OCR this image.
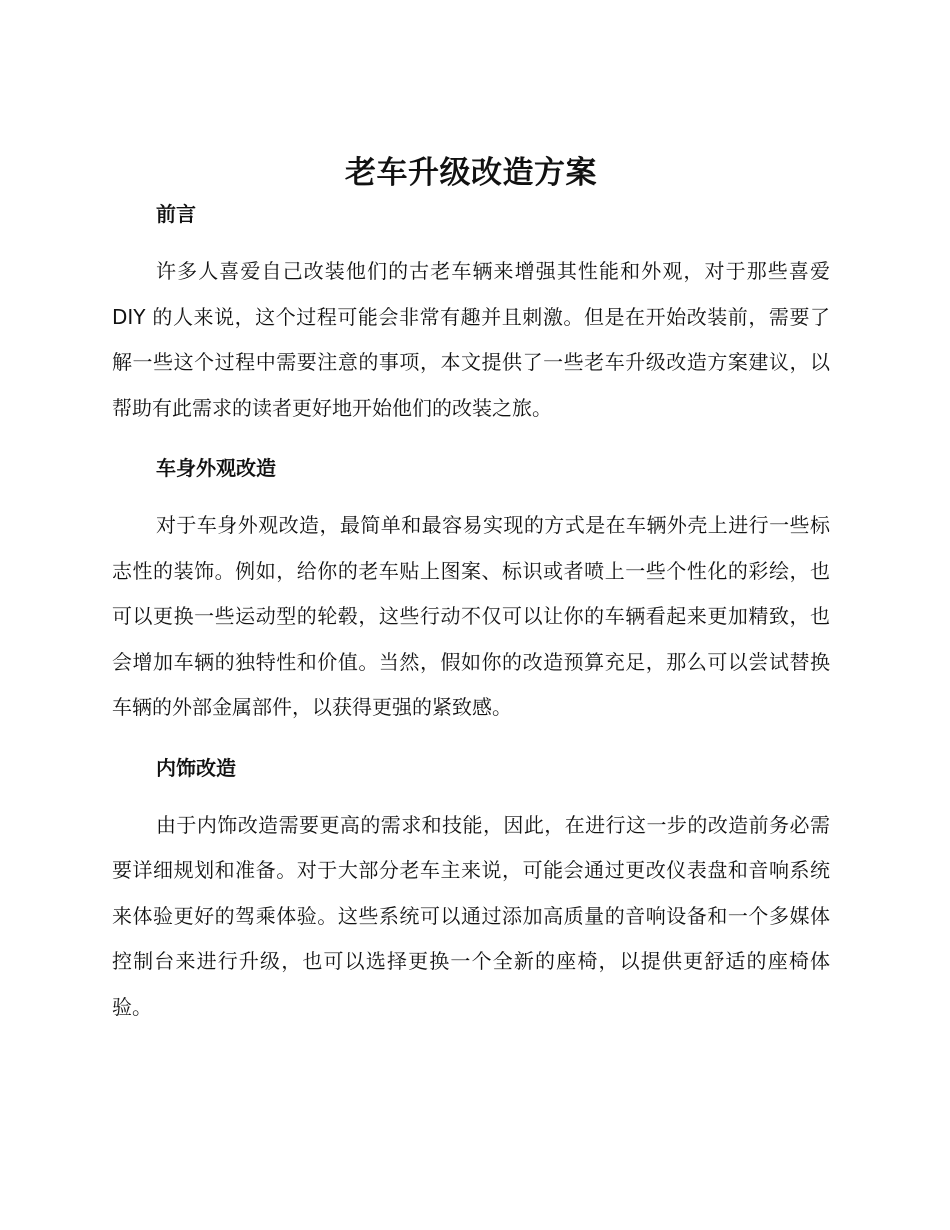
老车升级改造方案
前言

许多人喜爱自己改装他们的古老车辆来增强其性能和外观，对于那些喜爱 DIY 的人来说，这个过程可能会非常有趣并且刺激。但是在开始改装前，需要了解一些这个过程中需要注意的事项，本文提供了一些老车升级改造方案建议，以帮助有此需求的读者更好地开始他们的改装之旅。

车身外观改造

对于车身外观改造，最简单和最容易实现的方式是在车辆外壳上进行一些标志性的装饰。例如，给你的老车贴上图案、标识或者喷上一些个性化的彩绘，也可以更换一些运动型的轮毂，这些行动不仅可以让你的车辆看起来更加精致，也会增加车辆的独特性和价值。当然，假如你的改造预算充足，那么可以尝试替换车辆的外部金属部件，以获得更强的紧致感。

内饰改造

由于内饰改造需要更高的需求和技能，因此，在进行这一步的改造前务必需要详细规划和准备。对于大部分老车主来说，可能会通过更改仪表盘和音响系统来体验更好的驾乘体验。这些系统可以通过添加高质量的音响设备和一个多媒体控制台来进行升级，也可以选择更换一个全新的座椅，以提供更舒适的座椅体验。
